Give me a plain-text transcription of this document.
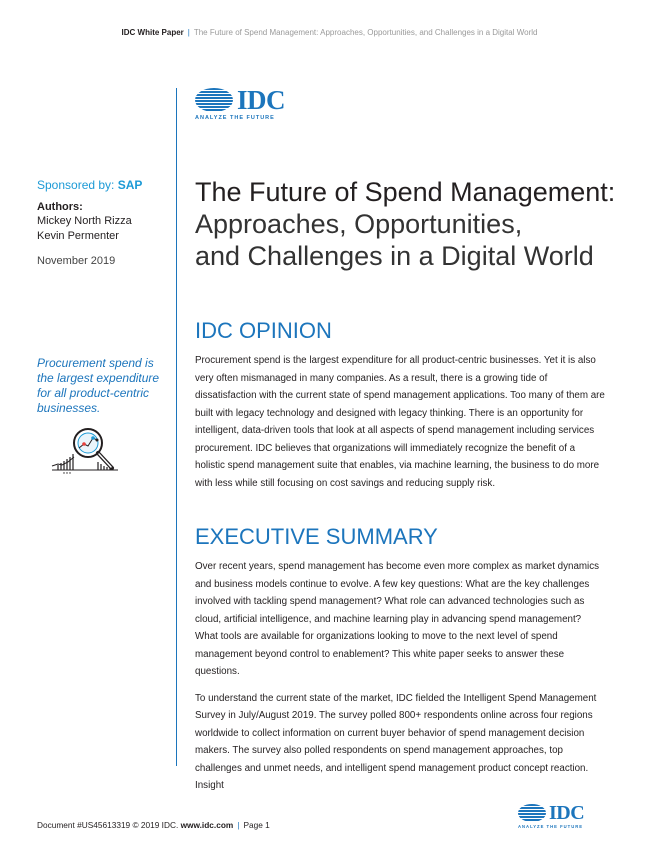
IDC White Paper | The Future of Spend Management: Approaches, Opportunities, and Challenges in a Digital World
IDC
ANALYZE THE FUTURE
Sponsored by: SAP
Authors:
Mickey North Rizza
Kevin Permenter
November 2019
Procurement spend is the largest expenditure for all product-centric businesses.
The Future of Spend Management:
Approaches, Opportunities,
and Challenges in a Digital World
IDC OPINION

Procurement spend is the largest expenditure for all product-centric businesses. Yet it is also very often mismanaged in many companies. As a result, there is a growing tide of dissatisfaction with the current state of spend management applications. Too many of them are built with legacy technology and designed with legacy thinking. There is an opportunity for intelligent, data-driven tools that look at all aspects of spend management including services procurement. IDC believes that organizations will immediately recognize the benefit of a holistic spend management suite that enables, via machine learning, the business to do more with less while still focusing on cost savings and reducing supply risk.

EXECUTIVE SUMMARY

Over recent years, spend management has become even more complex as market dynamics and business models continue to evolve. A few key questions: What are the key challenges involved with tackling spend management? What role can advanced technologies such as cloud, artificial intelligence, and machine learning play in advancing spend management? What tools are available for organizations looking to move to the next level of spend management beyond control to enablement? This white paper seeks to answer these questions.

To understand the current state of the market, IDC fielded the Intelligent Spend Management Survey in July/August 2019. The survey polled 800+ respondents online across four regions worldwide to collect information on current buyer behavior of spend management decision makers. The survey also polled respondents on spend management approaches, top challenges and unmet needs, and intelligent spend management product concept reaction. Insight

Document #US45613319 © 2019 IDC. www.idc.com | Page 1
IDC
ANALYZE THE FUTURE
